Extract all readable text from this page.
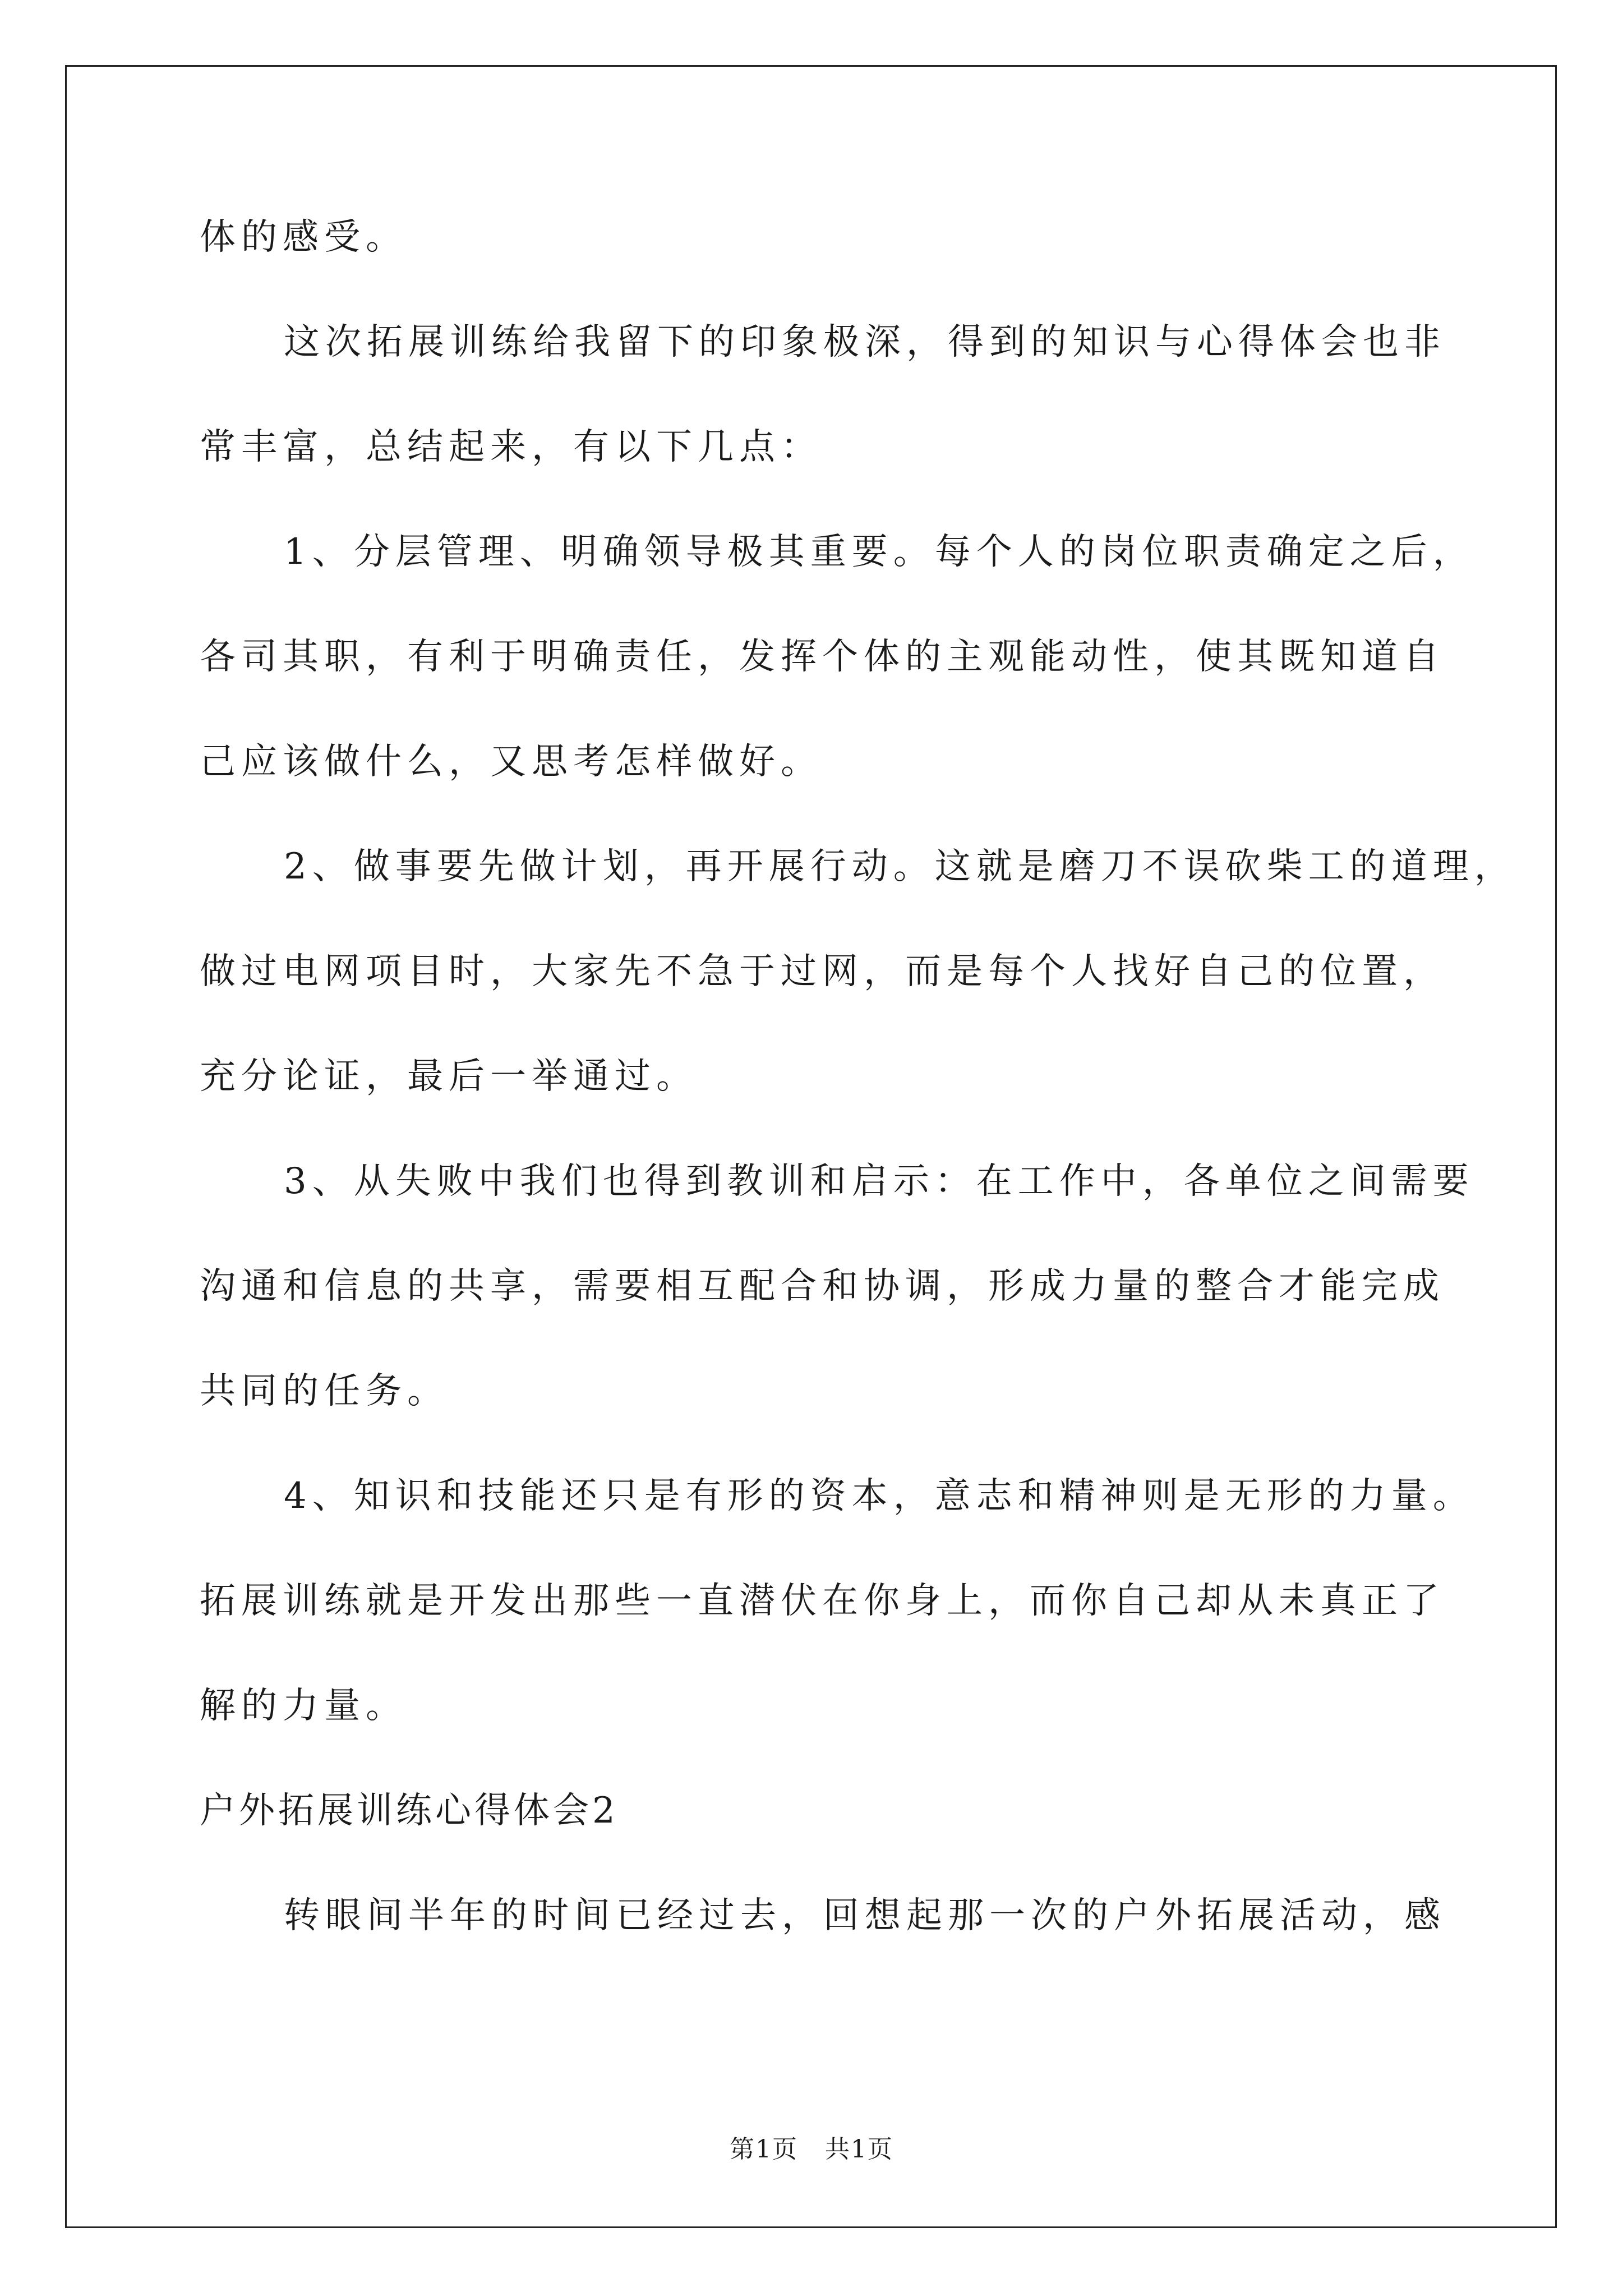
体的感受。
这次拓展训练给我留下的印象极深，得到的知识与心得体会也非
常丰富，总结起来，有以下几点：
1、分层管理、明确领导极其重要。每个人的岗位职责确定之后，
各司其职，有利于明确责任，发挥个体的主观能动性，使其既知道自
己应该做什么，又思考怎样做好。
2、做事要先做计划，再开展行动。这就是磨刀不误砍柴工的道理，
做过电网项目时，大家先不急于过网，而是每个人找好自己的位置，
充分论证，最后一举通过。
3、从失败中我们也得到教训和启示：在工作中，各单位之间需要
沟通和信息的共享，需要相互配合和协调，形成力量的整合才能完成
共同的任务。
4、知识和技能还只是有形的资本，意志和精神则是无形的力量。
拓展训练就是开发出那些一直潜伏在你身上，而你自己却从未真正了
解的力量。
户外拓展训练心得体会2
转眼间半年的时间已经过去，回想起那一次的户外拓展活动，感
第1页   共1页
